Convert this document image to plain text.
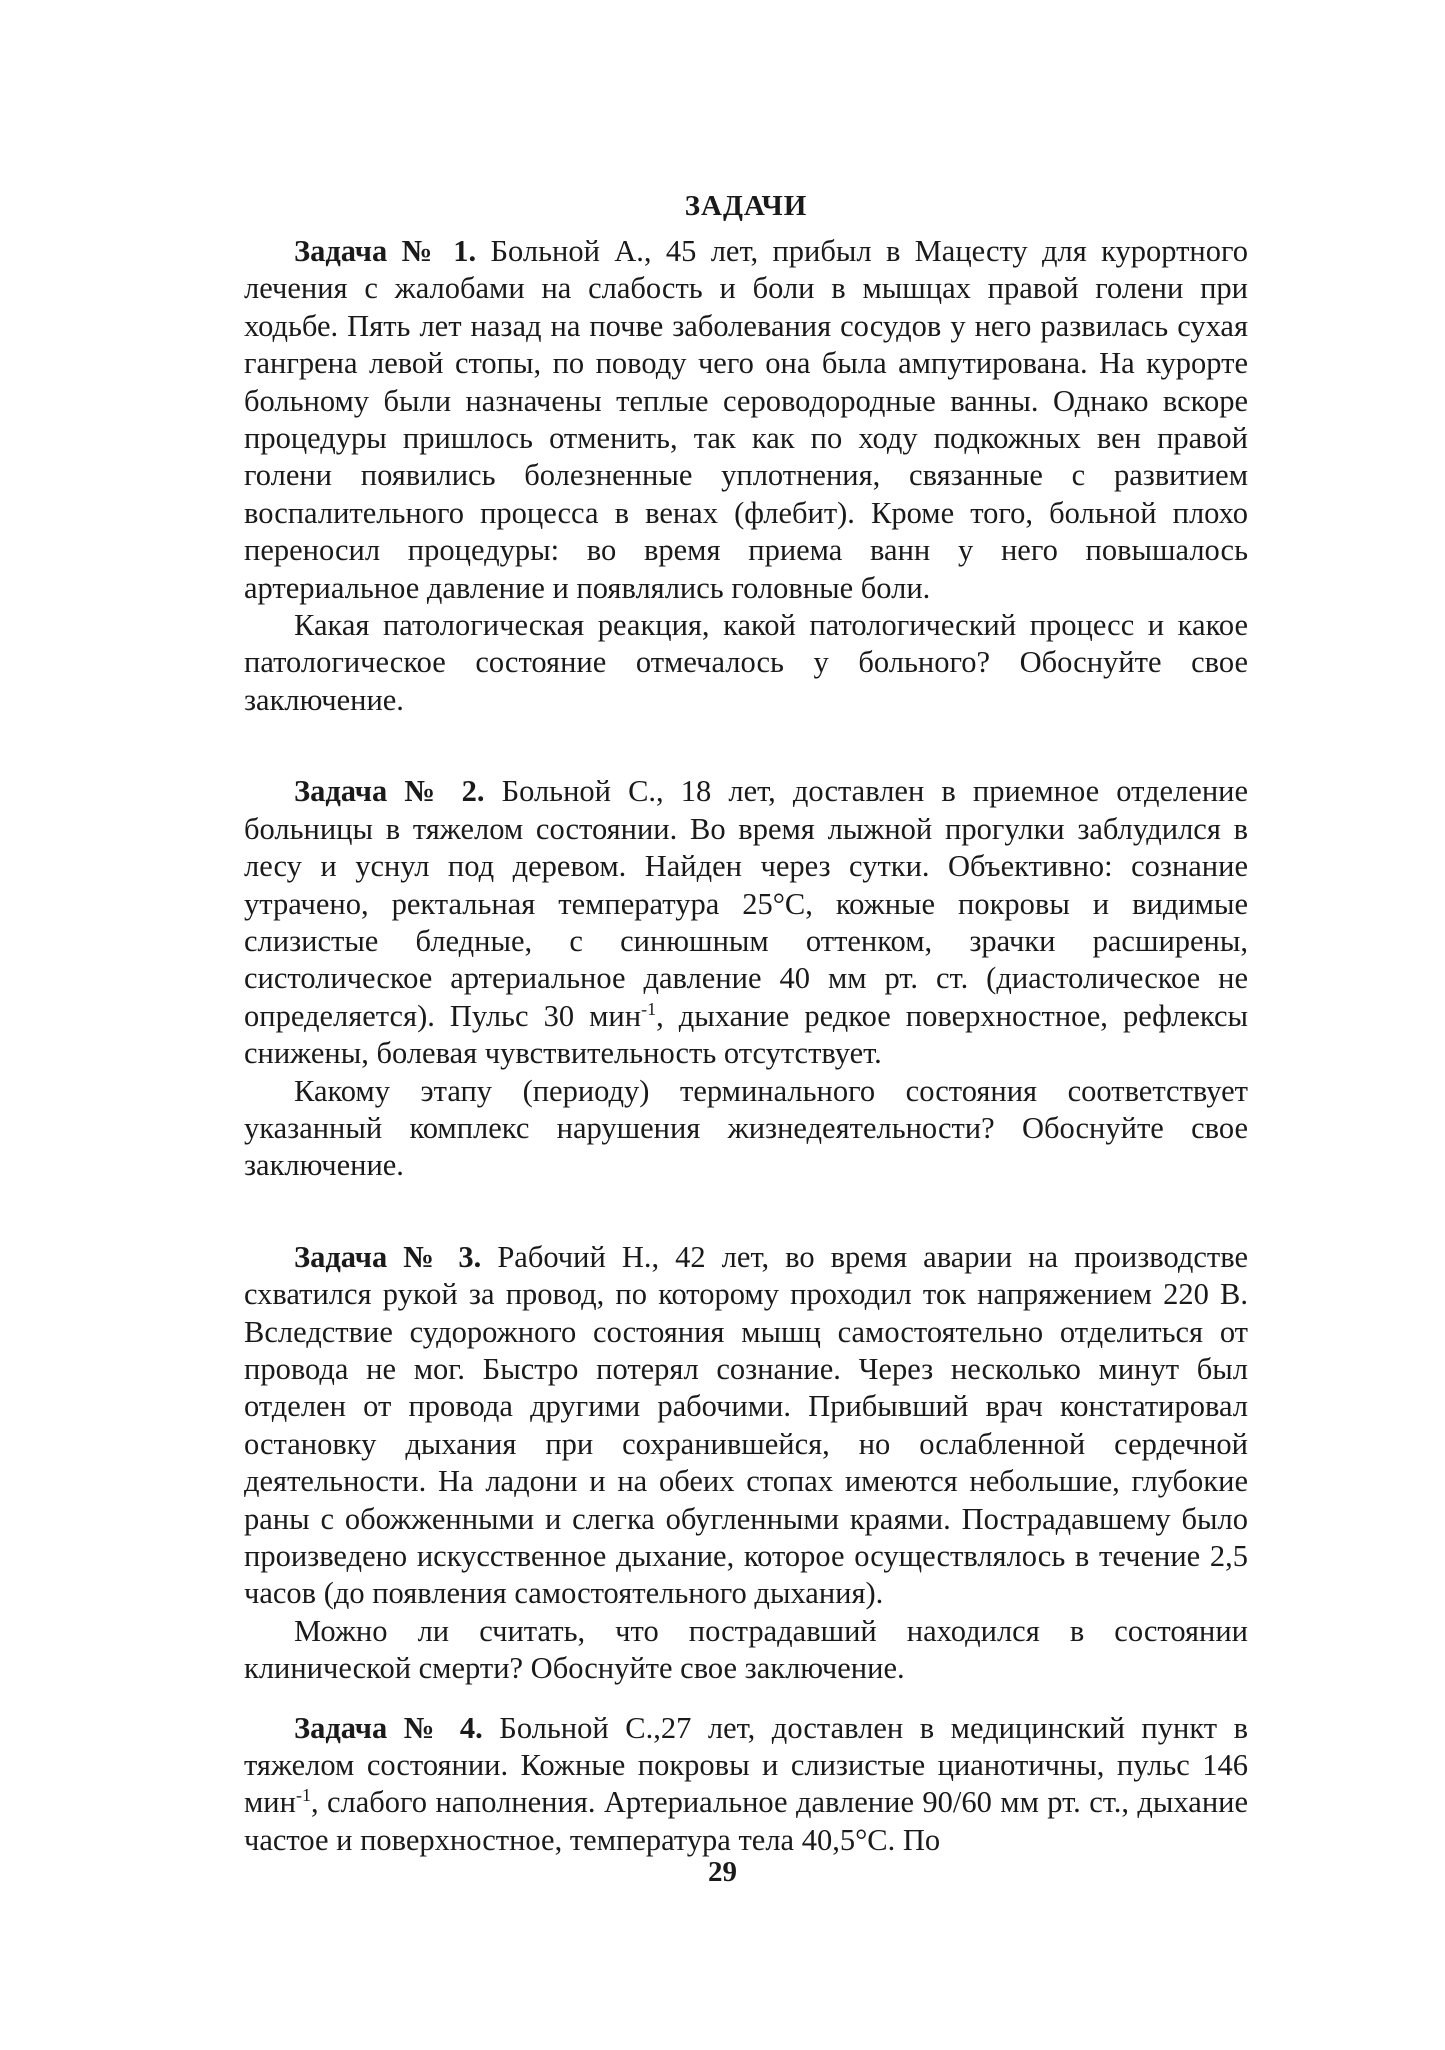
ЗАДАЧИ

Задача № 1. Больной А., 45 лет, прибыл в Мацесту для курортного лечения с жалобами на слабость и боли в мышцах правой голени при ходьбе. Пять лет назад на почве заболевания сосудов у него развилась сухая гангрена левой стопы, по поводу чего она была ампутирована. На курорте больному были назначены теплые сероводородные ванны. Однако вскоре процедуры пришлось отменить, так как по ходу подкожных вен правой голени появились болезненные уплотнения, связанные с развитием воспалительного процесса в венах (флебит). Кроме того, больной плохо переносил процедуры: во время приема ванн у него повышалось артериальное давление и появлялись головные боли.

Какая патологическая реакция, какой патологический процесс и какое патологическое состояние отмечалось у больного? Обоснуйте свое заключение.

Задача № 2. Больной С., 18 лет, доставлен в приемное отделение больницы в тяжелом состоянии. Во время лыжной прогулки заблудился в лесу и уснул под деревом. Найден через сутки. Объективно: сознание утрачено, ректальная температура 25°С, кожные покровы и видимые слизистые бледные, с синюшным оттенком, зрачки расширены, систолическое артериальное давление 40 мм рт. ст. (диастолическое не определяется). Пульс 30 мин$^{-1}$, дыхание редкое поверхностное, рефлексы снижены, болевая чувствительность отсутствует.

Какому этапу (периоду) терминального состояния соответствует указанный комплекс нарушения жизнедеятельности? Обоснуйте свое заключение.

Задача № 3. Рабочий Н., 42 лет, во время аварии на производстве схватился рукой за провод, по которому проходил ток напряжением 220 В. Вследствие судорожного состояния мышц самостоятельно отделиться от провода не мог. Быстро потерял сознание. Через несколько минут был отделен от провода другими рабочими. Прибывший врач констатировал остановку дыхания при сохранившейся, но ослабленной сердечной деятельности. На ладони и на обеих стопах имеются небольшие, глубокие раны с обожженными и слегка обугленными краями. Пострадавшему было произведено искусственное дыхание, которое осуществлялось в течение 2,5 часов (до появления самостоятельного дыхания).

Можно ли считать, что пострадавший находился в состоянии клинической смерти? Обоснуйте свое заключение.

Задача № 4. Больной С.,27 лет, доставлен в медицинский пункт в тяжелом состоянии. Кожные покровы и слизистые цианотичны, пульс 146 мин$^{-1}$, слабого наполнения. Артериальное давление 90/60 мм рт. ст., дыхание частое и поверхностное, температура тела 40,5°С. По

29
